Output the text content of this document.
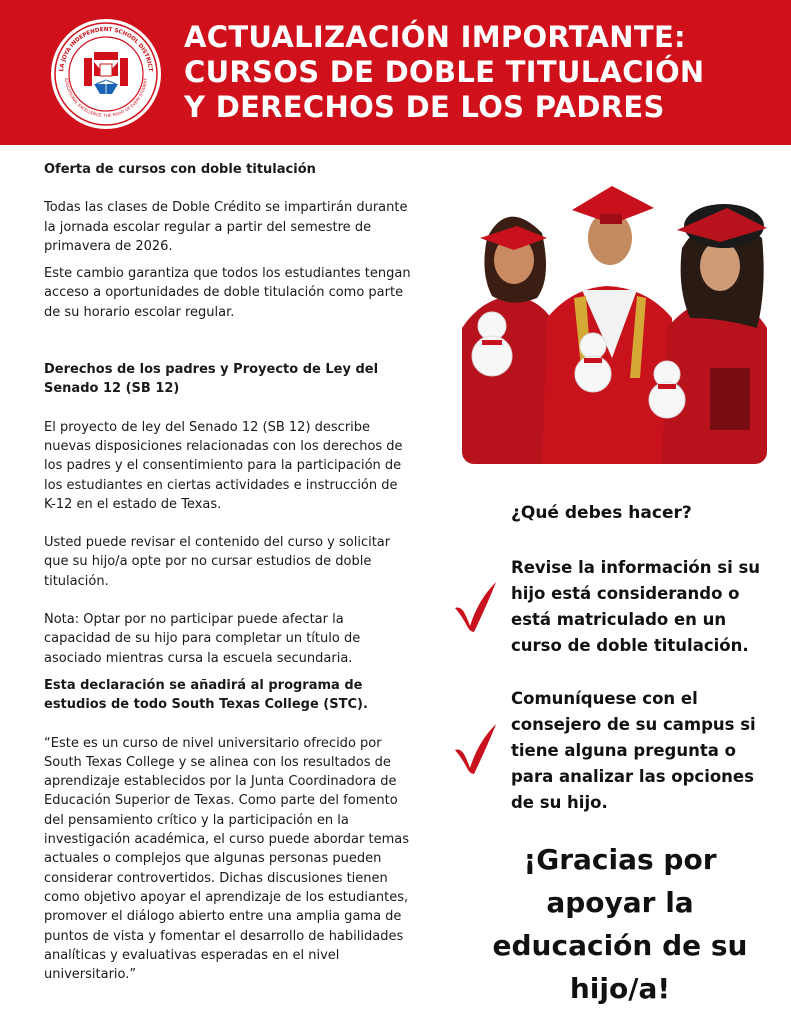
LA JOYA INDEPENDENT SCHOOL DISTRICT
EDUCATIONAL EXCELLENCE: THE RIGHT OF EVERY STUDENT
ACTUALIZACIÓN IMPORTANTE:
CURSOS DE DOBLE TITULACIÓN
Y DERECHOS DE LOS PADRES
Oferta de cursos con doble titulación

Todas las clases de Doble Crédito se impartirán durante la jornada escolar regular a partir del semestre de primavera de 2026.

Este cambio garantiza que todos los estudiantes tengan acceso a oportunidades de doble titulación como parte de su horario escolar regular.

Derechos de los padres y Proyecto de Ley del Senado 12 (SB 12)

El proyecto de ley del Senado 12 (SB 12) describe nuevas disposiciones relacionadas con los derechos de los padres y el consentimiento para la participación de los estudiantes en ciertas actividades e instrucción de K-12 en el estado de Texas.

Usted puede revisar el contenido del curso y solicitar que su hijo/a opte por no cursar estudios de doble titulación.

Nota: Optar por no participar puede afectar la capacidad de su hijo para completar un título de asociado mientras cursa la escuela secundaria.

Esta declaración se añadirá al programa de estudios de todo South Texas College (STC).

“Este es un curso de nivel universitario ofrecido por South Texas College y se alinea con los resultados de aprendizaje establecidos por la Junta Coordinadora de Educación Superior de Texas. Como parte del fomento del pensamiento crítico y la participación en la investigación académica, el curso puede abordar temas actuales o complejos que algunas personas pueden considerar controvertidos. Dichas discusiones tienen como objetivo apoyar el aprendizaje de los estudiantes, promover el diálogo abierto entre una amplia gama de puntos de vista y fomentar el desarrollo de habilidades analíticas y evaluativas esperadas en el nivel universitario.”

¿Qué debes hacer?
Revise la información si su hijo está considerando o está matriculado en un curso de doble titulación.
Comuníquese con el consejero de su campus si tiene alguna pregunta o para analizar las opciones de su hijo.
¡Gracias por apoyar la educación de su hijo/a!
